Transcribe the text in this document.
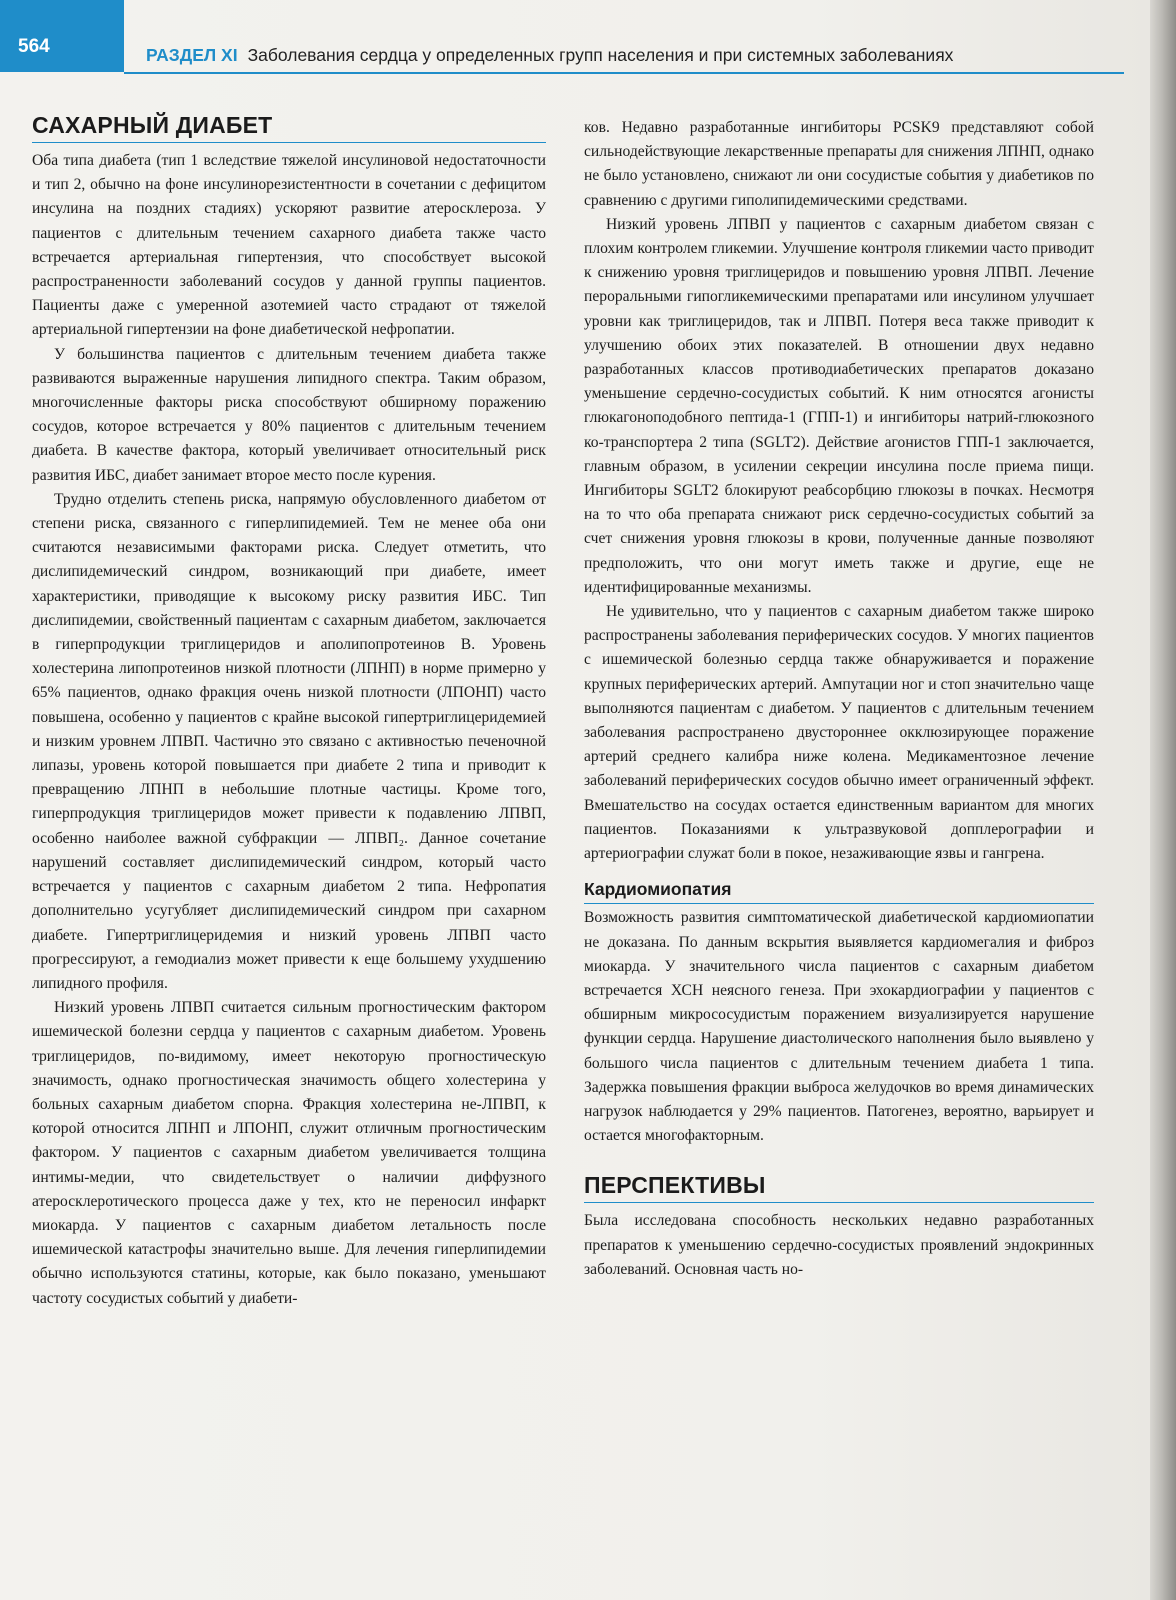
564	РАЗДЕЛ XI Заболевания сердца у определенных групп населения и при системных заболеваниях
САХАРНЫЙ ДИАБЕТ

Оба типа диабета (тип 1 вследствие тяжелой инсулиновой недостаточности и тип 2, обычно на фоне инсулинорезистентности в сочетании с дефицитом инсулина на поздних стадиях) ускоряют развитие атеросклероза. У пациентов с длительным течением сахарного диабета также часто встречается артериальная гипертензия, что способствует высокой распространенности заболеваний сосудов у данной группы пациентов. Пациенты даже с умеренной азотемией часто страдают от тяжелой артериальной гипертензии на фоне диабетической нефропатии.

У большинства пациентов с длительным течением диабета также развиваются выраженные нарушения липидного спектра. Таким образом, многочисленные факторы риска способствуют обширному поражению сосудов, которое встречается у 80% пациентов с длительным течением диабета. В качестве фактора, который увеличивает относительный риск развития ИБС, диабет занимает второе место после курения.

Трудно отделить степень риска, напрямую обусловленного диабетом от степени риска, связанного с гиперлипидемией. Тем не менее оба они считаются независимыми факторами риска. Следует отметить, что дислипидемический синдром, возникающий при диабете, имеет характеристики, приводящие к высокому риску развития ИБС. Тип дислипидемии, свойственный пациентам с сахарным диабетом, заключается в гиперпродукции триглицеридов и аполипопротеинов В. Уровень холестерина липопротеинов низкой плотности (ЛПНП) в норме примерно у 65% пациентов, однако фракция очень низкой плотности (ЛПОНП) часто повышена, особенно у пациентов с крайне высокой гипертриглицеридемией и низким уровнем ЛПВП. Частично это связано с активностью печеночной липазы, уровень которой повышается при диабете 2 типа и приводит к превращению ЛПНП в небольшие плотные частицы. Кроме того, гиперпродукция триглицеридов может привести к подавлению ЛПВП, особенно наиболее важной субфракции — ЛПВП₂. Данное сочетание нарушений составляет дислипидемический синдром, который часто встречается у пациентов с сахарным диабетом 2 типа. Нефропатия дополнительно усугубляет дислипидемический синдром при сахарном диабете. Гипертриглицеридемия и низкий уровень ЛПВП часто прогрессируют, а гемодиализ может привести к еще большему ухудшению липидного профиля.

Низкий уровень ЛПВП считается сильным прогностическим фактором ишемической болезни сердца у пациентов с сахарным диабетом. Уровень триглицеридов, по-видимому, имеет некоторую прогностическую значимость, однако прогностическая значимость общего холестерина у больных сахарным диабетом спорна. Фракция холестерина не-ЛПВП, к которой относится ЛПНП и ЛПОНП, служит отличным прогностическим фактором. У пациентов с сахарным диабетом увеличивается толщина интимы-медии, что свидетельствует о наличии диффузного атеросклеротического процесса даже у тех, кто не переносил инфаркт миокарда. У пациентов с сахарным диабетом летальность после ишемической катастрофы значительно выше. Для лечения гиперлипидемии обычно используются статины, которые, как было показано, уменьшают частоту сосудистых событий у диабети-

ков. Недавно разработанные ингибиторы PCSK9 представляют собой сильнодействующие лекарственные препараты для снижения ЛПНП, однако не было установлено, снижают ли они сосудистые события у диабетиков по сравнению с другими гиполипидемическими средствами.

Низкий уровень ЛПВП у пациентов с сахарным диабетом связан с плохим контролем гликемии. Улучшение контроля гликемии часто приводит к снижению уровня триглицеридов и повышению уровня ЛПВП. Лечение пероральными гипогликемическими препаратами или инсулином улучшает уровни как триглицеридов, так и ЛПВП. Потеря веса также приводит к улучшению обоих этих показателей. В отношении двух недавно разработанных классов противодиабетических препаратов доказано уменьшение сердечно-сосудистых событий. К ним относятся агонисты глюкагоноподобного пептида-1 (ГПП-1) и ингибиторы натрий-глюкозного ко-транспортера 2 типа (SGLT2). Действие агонистов ГПП-1 заключается, главным образом, в усилении секреции инсулина после приема пищи. Ингибиторы SGLT2 блокируют реабсорбцию глюкозы в почках. Несмотря на то что оба препарата снижают риск сердечно-сосудистых событий за счет снижения уровня глюкозы в крови, полученные данные позволяют предположить, что они могут иметь также и другие, еще не идентифицированные механизмы.

Не удивительно, что у пациентов с сахарным диабетом также широко распространены заболевания периферических сосудов. У многих пациентов с ишемической болезнью сердца также обнаруживается и поражение крупных периферических артерий. Ампутации ног и стоп значительно чаще выполняются пациентам с диабетом. У пациентов с длительным течением заболевания распространено двустороннее окклюзирующее поражение артерий среднего калибра ниже колена. Медикаментозное лечение заболеваний периферических сосудов обычно имеет ограниченный эффект. Вмешательство на сосудах остается единственным вариантом для многих пациентов. Показаниями к ультразвуковой допплерографии и артериографии служат боли в покое, незаживающие язвы и гангрена.

Кардиомиопатия

Возможность развития симптоматической диабетической кардиомиопатии не доказана. По данным вскрытия выявляется кардиомегалия и фиброз миокарда. У значительного числа пациентов с сахарным диабетом встречается ХСН неясного генеза. При эхокардиографии у пациентов с обширным микрососудистым поражением визуализируется нарушение функции сердца. Нарушение диастолического наполнения было выявлено у большого числа пациентов с длительным течением диабета 1 типа. Задержка повышения фракции выброса желудочков во время динамических нагрузок наблюдается у 29% пациентов. Патогенез, вероятно, варьирует и остается многофакторным.

ПЕРСПЕКТИВЫ

Была исследована способность нескольких недавно разработанных препаратов к уменьшению сердечно-сосудистых проявлений эндокринных заболеваний. Основная часть но-
